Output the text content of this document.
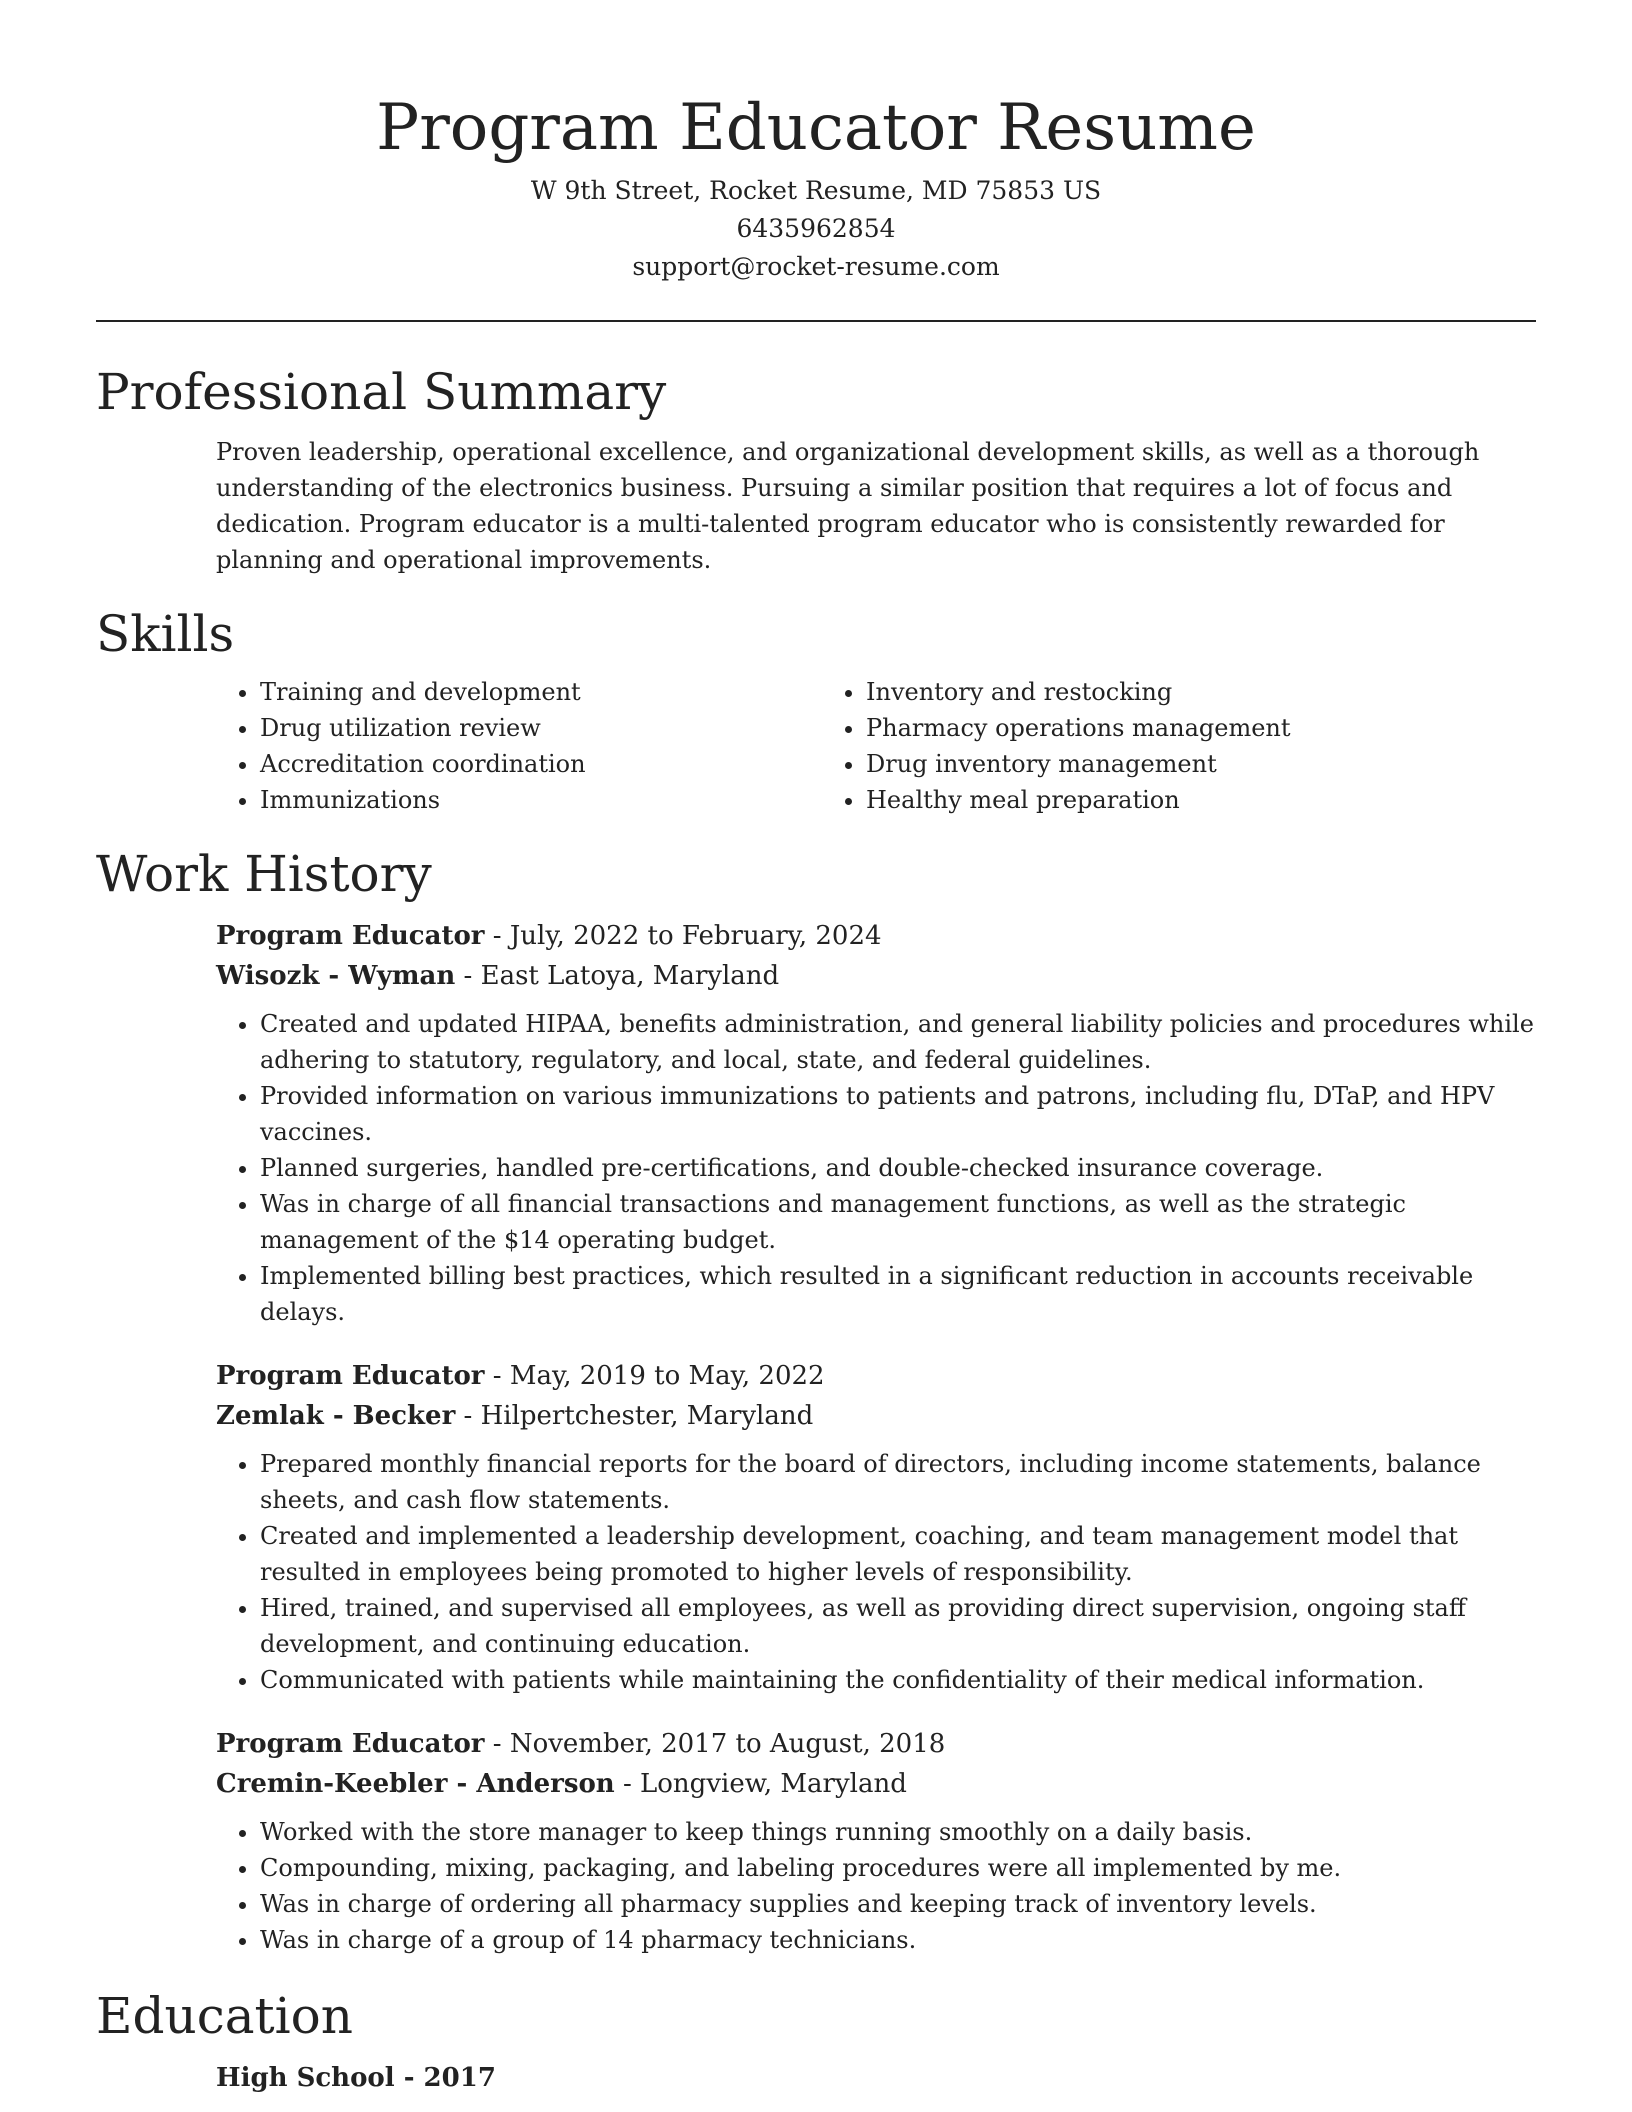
Program Educator Resume

W 9th Street, Rocket Resume, MD 75853 US

6435962854

support@rocket-resume.com

Professional Summary

Proven leadership, operational excellence, and organizational development skills, as well as a thorough understanding of the electronics business. Pursuing a similar position that requires a lot of focus and dedication. Program educator is a multi-talented program educator who is consistently rewarded for planning and operational improvements.

Skills
• Training and development
• Drug utilization review
• Accreditation coordination
• Immunizations
• Inventory and restocking
• Pharmacy operations management
• Drug inventory management
• Healthy meal preparation
Work History

Program Educator - July, 2022 to February, 2024

Wisozk - Wyman - East Latoya, Maryland

• Created and updated HIPAA, benefits administration, and general liability policies and procedures while adhering to statutory, regulatory, and local, state, and federal guidelines.
• Provided information on various immunizations to patients and patrons, including flu, DTaP, and HPV vaccines.
• Planned surgeries, handled pre-certifications, and double-checked insurance coverage.
• Was in charge of all financial transactions and management functions, as well as the strategic management of the $14 operating budget.
• Implemented billing best practices, which resulted in a significant reduction in accounts receivable delays.

Program Educator - May, 2019 to May, 2022

Zemlak - Becker - Hilpertchester, Maryland

• Prepared monthly financial reports for the board of directors, including income statements, balance sheets, and cash flow statements.
• Created and implemented a leadership development, coaching, and team management model that resulted in employees being promoted to higher levels of responsibility.
• Hired, trained, and supervised all employees, as well as providing direct supervision, ongoing staff development, and continuing education.
• Communicated with patients while maintaining the confidentiality of their medical information.

Program Educator - November, 2017 to August, 2018

Cremin-Keebler - Anderson - Longview, Maryland

• Worked with the store manager to keep things running smoothly on a daily basis.
• Compounding, mixing, packaging, and labeling procedures were all implemented by me.
• Was in charge of ordering all pharmacy supplies and keeping track of inventory levels.
• Was in charge of a group of 14 pharmacy technicians.
Education

High School - 2017
